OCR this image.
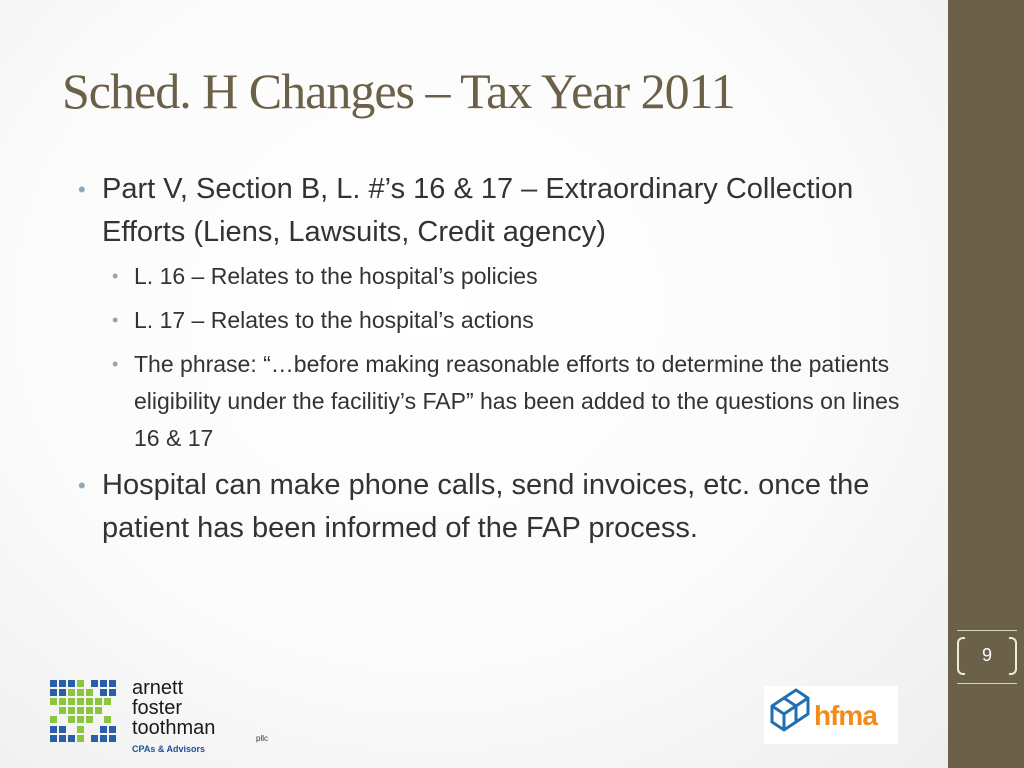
9
Sched. H Changes – Tax Year 2011
• Part V, Section B, L. #’s 16 & 17 – Extraordinary Collection Efforts (Liens, Lawsuits, Credit agency)
• L. 16 – Relates to the hospital’s policies
• L. 17 – Relates to the hospital’s actions
• The phrase: “…before making reasonable efforts to determine the patients eligibility under the facilitiy’s FAP” has been added to the questions on lines 16 & 17
• Hospital can make phone calls, send invoices, etc. once the patient has been informed of the FAP process.
arnett
foster
toothman	pllc
CPAs & Advisors
hfma
